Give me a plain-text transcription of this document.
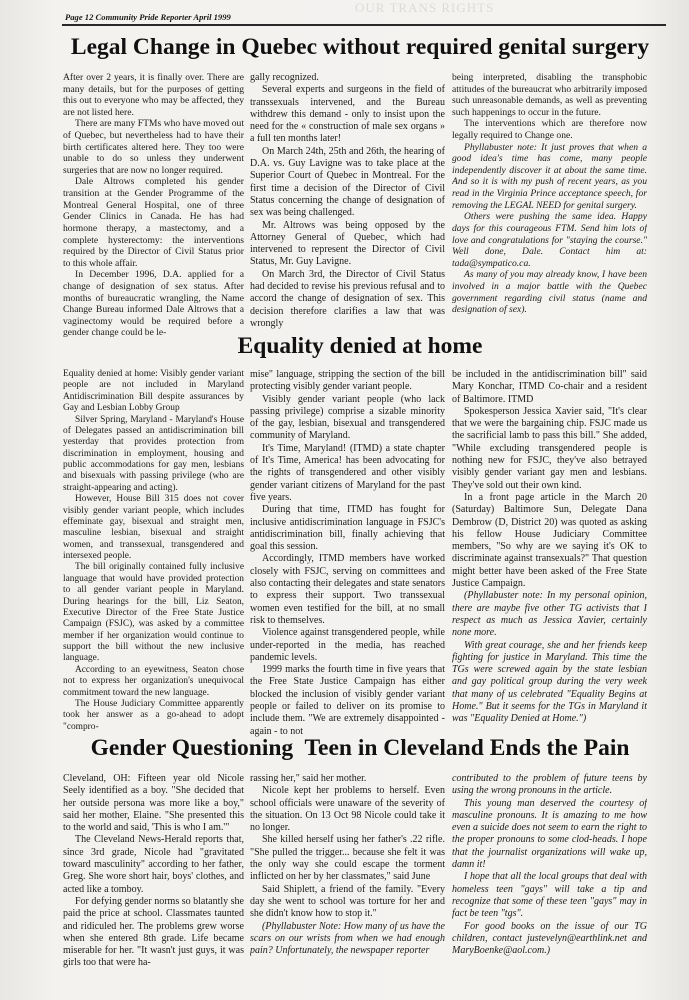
OUR TRANS RIGHTS
Page 12 Community Pride Reporter April 1999
Legal Change in Quebec without required genital surgery

After over 2 years, it is finally over. There are many details, but for the purposes of getting this out to everyone who may be affected, they are not listed here.

There are many FTMs who have moved out of Quebec, but nevertheless had to have their birth certificates altered here. They too were unable to do so unless they underwent surgeries that are now no longer required.

Dale Altrows completed his gender transition at the Gender Programme of the Montreal General Hospital, one of three Gender Clinics in Canada. He has had hormone therapy, a mastectomy, and a complete hysterectomy: the interventions required by the Director of Civil Status prior to this whole affair.

In December 1996, D.A. applied for a change of designation of sex status. After months of bureaucratic wrangling, the Name Change Bureau informed Dale Altrows that a vaginectomy would be required before a gender change could be le-

gally recognized.

Several experts and surgeons in the field of transsexuals intervened, and the Bureau withdrew this demand - only to insist upon the need for the « construction of male sex organs » a full ten months later!

On March 24th, 25th and 26th, the hearing of D.A. vs. Guy Lavigne was to take place at the Superior Court of Quebec in Montreal. For the first time a decision of the Director of Civil Status concerning the change of designation of sex was being challenged.

Mr. Altrows was being opposed by the Attorney General of Quebec, which had intervened to represent the Director of Civil Status, Mr. Guy Lavigne.

On March 3rd, the Director of Civil Status had decided to revise his previous refusal and to accord the change of designation of sex. This decision therefore clarifies a law that was wrongly

being interpreted, disabling the transphobic attitudes of the bureaucrat who arbitrarily imposed such unreasonable demands, as well as preventing such happenings to occur in the future.

The interventions which are therefore now legally required to Change one.

Phyllabuster note: It just proves that when a good idea's time has come, many people independently discover it at about the same time. And so it is with my push of recent years, as you read in the Virginia Prince acceptance speech, for removing the LEGAL NEED for genital surgery.

Others were pushing the same idea. Happy days for this courageous FTM. Send him lots of love and congratulations for "staying the course." Well done, Dale. Contact him at: tada@sympatico.ca.

As many of you may already know, I have been involved in a major battle with the Quebec government regarding civil status (name and designation of sex).

Equality denied at home

Equality denied at home: Visibly gender variant people are not included in Maryland Antidiscrimination Bill despite assurances by Gay and Lesbian Lobby Group

Silver Spring, Maryland - Maryland's House of Delegates passed an antidiscrimination bill yesterday that provides protection from discrimination in employment, housing and public accommodations for gay men, lesbians and bisexuals with passing privilege (who are straight-appearing and acting).

However, House Bill 315 does not cover visibly gender variant people, which includes effeminate gay, bisexual and straight men, masculine lesbian, bisexual and straight women, and transsexual, transgendered and intersexed people.

The bill originally contained fully inclusive language that would have provided protection to all gender variant people in Maryland. During hearings for the bill, Liz Seaton, Executive Director of the Free State Justice Campaign (FSJC), was asked by a committee member if her organization would continue to support the bill without the new inclusive language.

According to an eyewitness, Seaton chose not to express her organization's unequivocal commitment toward the new language.

The House Judiciary Committee apparently took her answer as a go-ahead to adopt "compro-

mise" language, stripping the section of the bill protecting visibly gender variant people.

Visibly gender variant people (who lack passing privilege) comprise a sizable minority of the gay, lesbian, bisexual and transgendered community of Maryland.

It's Time, Maryland! (ITMD) a state chapter of It's Time, America! has been advocating for the rights of transgendered and other visibly gender variant citizens of Maryland for the past five years.

During that time, ITMD has fought for inclusive antidiscrimination language in FSJC's antidiscrimination bill, finally achieving that goal this session.

Accordingly, ITMD members have worked closely with FSJC, serving on committees and also contacting their delegates and state senators to express their support. Two transsexual women even testified for the bill, at no small risk to themselves.

Violence against transgendered people, while under-reported in the media, has reached pandemic levels.

1999 marks the fourth time in five years that the Free State Justice Campaign has either blocked the inclusion of visibly gender variant people or failed to deliver on its promise to include them. "We are extremely disappointed - again - to not

be included in the antidiscrimination bill" said Mary Konchar, ITMD Co-chair and a resident of Baltimore. ITMD

Spokesperson Jessica Xavier said, "It's clear that we were the bargaining chip. FSJC made us the sacrificial lamb to pass this bill." She added, "While excluding transgendered people is nothing new for FSJC, they've also betrayed visibly gender variant gay men and lesbians. They've sold out their own kind.

In a front page article in the March 20 (Saturday) Baltimore Sun, Delegate Dana Dembrow (D, District 20) was quoted as asking his fellow House Judiciary Committee members, "So why are we saying it's OK to discriminate against transexuals?" That question might better have been asked of the Free State Justice Campaign.

(Phyllabuster note: In my personal opinion, there are maybe five other TG activists that I respect as much as Jessica Xavier, certainly none more.

With great courage, she and her friends keep fighting for justice in Maryland. This time the TGs were screwed again by the state lesbian and gay political group during the very week that many of us celebrated "Equality Begins at Home." But it seems for the TGs in Maryland it was "Equality Denied at Home.")

Gender Questioning  Teen in Cleveland Ends the Pain

Cleveland, OH: Fifteen year old Nicole Seely identified as a boy. "She decided that her outside persona was more like a boy," said her mother, Elaine. "She presented this to the world and said, 'This is who I am.'"

The Cleveland News-Herald reports that, since 3rd grade, Nicole had "gravitated toward masculinity" according to her father, Greg. She wore short hair, boys' clothes, and acted like a tomboy.

For defying gender norms so blatantly she paid the price at school. Classmates taunted and ridiculed her. The problems grew worse when she entered 8th grade. Life became miserable for her. "It wasn't just guys, it was girls too that were ha-

rassing her," said her mother.

Nicole kept her problems to herself. Even school officials were unaware of the severity of the situation. On 13 Oct 98 Nicole could take it no longer.

She killed herself using her father's .22 rifle. "She pulled the trigger... because she felt it was the only way she could escape the torment inflicted on her by her classmates," said June

Said Shiplett, a friend of the family. "Every day she went to school was torture for her and she didn't know how to stop it."

(Phyllabuster Note: How many of us have the scars on our wrists from when we had enough pain? Unfortunately, the newspaper reporter

contributed to the problem of future teens by using the wrong pronouns in the article.

This young man deserved the courtesy of masculine pronouns. It is amazing to me how even a suicide does not seem to earn the right to the proper pronouns to some clod-heads. I hope that the journalist organizations will wake up, damn it!

I hope that all the local groups that deal with homeless teen "gays" will take a tip and recognize that some of these teen "gays" may in fact be teen "tgs".

For good books on the issue of our TG children, contact justevelyn@earthlink.net and MaryBoenke@aol.com.)
